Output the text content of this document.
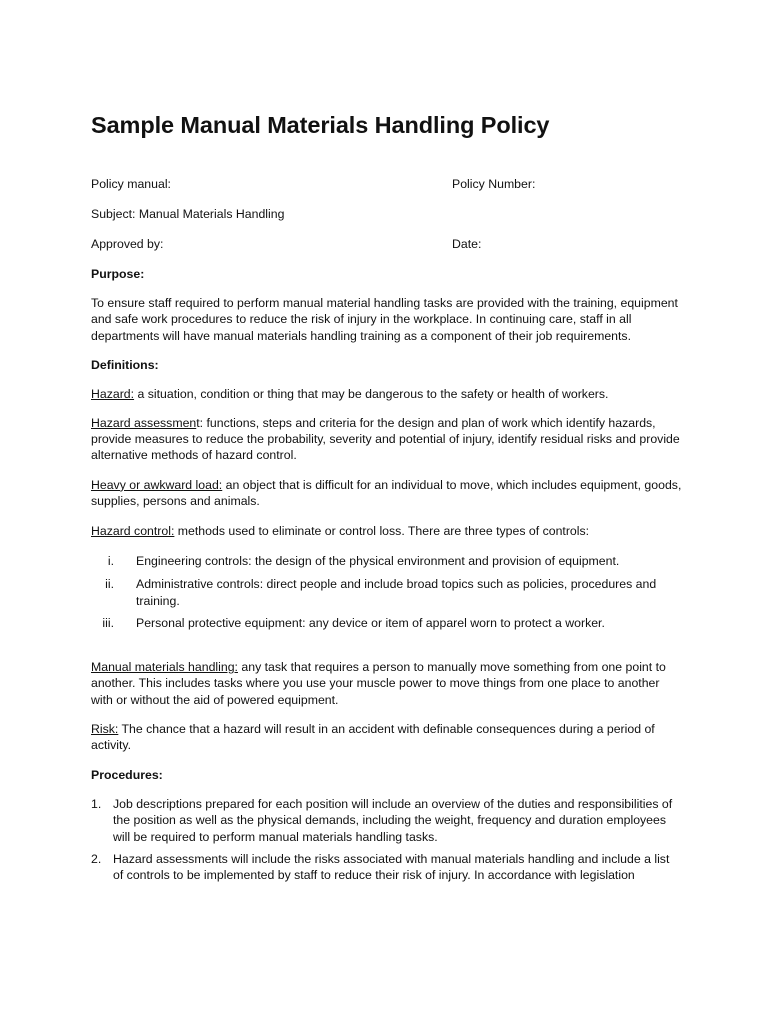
Sample Manual Materials Handling Policy
Policy manual:	Policy Number:
Subject: Manual Materials Handling
Approved by:	Date:
Purpose:

To ensure staff required to perform manual material handling tasks are provided with the training, equipment and safe work procedures to reduce the risk of injury in the workplace. In continuing care, staff in all departments will have manual materials handling training as a component of their job requirements.

Definitions:

Hazard: a situation, condition or thing that may be dangerous to the safety or health of workers.

Hazard assessment: functions, steps and criteria for the design and plan of work which identify hazards, provide measures to reduce the probability, severity and potential of injury, identify residual risks and provide alternative methods of hazard control.

Heavy or awkward load: an object that is difficult for an individual to move, which includes equipment, goods, supplies, persons and animals.

Hazard control: methods used to eliminate or control loss. There are three types of controls:

i. Engineering controls: the design of the physical environment and provision of equipment.
ii. Administrative controls: direct people and include broad topics such as policies, procedures and training.
iii. Personal protective equipment: any device or item of apparel worn to protect a worker.

Manual materials handling: any task that requires a person to manually move something from one point to another. This includes tasks where you use your muscle power to move things from one place to another with or without the aid of powered equipment.

Risk: The chance that a hazard will result in an accident with definable consequences during a period of activity.

Procedures:
1. Job descriptions prepared for each position will include an overview of the duties and responsibilities of the position as well as the physical demands, including the weight, frequency and duration employees will be required to perform manual materials handling tasks.
2. Hazard assessments will include the risks associated with manual materials handling and include a list of controls to be implemented by staff to reduce their risk of injury. In accordance with legislation
